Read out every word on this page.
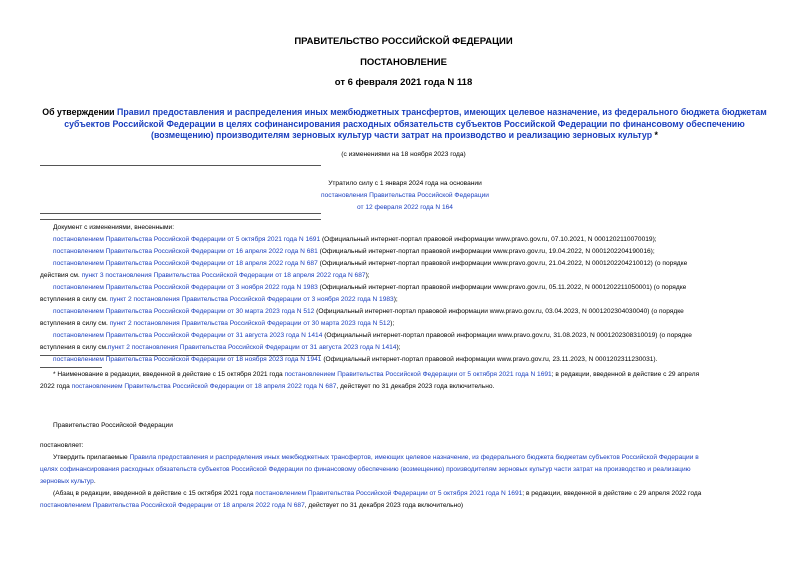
ПРАВИТЕЛЬСТВО РОССИЙСКОЙ ФЕДЕРАЦИИ
ПОСТАНОВЛЕНИЕ
от 6 февраля 2021 года N 118
Об утверждении Правил предоставления и распределения иных межбюджетных трансфертов, имеющих целевое назначение, из федерального бюджета бюджетам субъектов Российской Федерации в целях софинансирования расходных обязательств субъектов Российской Федерации по финансовому обеспечению (возмещению) производителям зерновых культур части затрат на производство и реализацию зерновых культур *
(с изменениями на 18 ноября 2023 года)
Утратило силу с 1 января 2024 года на основании
постановления Правительства Российской Федерации
от 12 февраля 2022 года N 164
Документ с изменениями, внесенными:
постановлением Правительства Российской Федерации от 5 октября 2021 года N 1691 (Официальный интернет-портал правовой информации www.pravo.gov.ru, 07.10.2021, N 0001202110070019);
постановлением Правительства Российской Федерации от 16 апреля 2022 года N 681 (Официальный интернет-портал правовой информации www.pravo.gov.ru, 19.04.2022, N 0001202204190016);
постановлением Правительства Российской Федерации от 18 апреля 2022 года N 687 (Официальный интернет-портал правовой информации www.pravo.gov.ru, 21.04.2022, N 0001202204210012) (о порядке
действия см. пункт 3 постановления Правительства Российской Федерации от 18 апреля 2022 года N 687);
постановлением Правительства Российской Федерации от 3 ноября 2022 года N 1983 (Официальный интернет-портал правовой информации www.pravo.gov.ru, 05.11.2022, N 0001202211050001) (о порядке
вступления в силу см. пункт 2 постановления Правительства Российской Федерации от 3 ноября 2022 года N 1983);
постановлением Правительства Российской Федерации от 30 марта 2023 года N 512 (Официальный интернет-портал правовой информации www.pravo.gov.ru, 03.04.2023, N 0001202304030040) (о порядке
вступления в силу см. пункт 2 постановления Правительства Российской Федерации от 30 марта 2023 года N 512);
постановлением Правительства Российской Федерации от 31 августа 2023 года N 1414 (Официальный интернет-портал правовой информации www.pravo.gov.ru, 31.08.2023, N 0001202308310019) (о порядке
вступления в силу см.пункт 2 постановления Правительства Российской Федерации от 31 августа 2023 года N 1414);
постановлением Правительства Российской Федерации от 18 ноября 2023 года N 1941 (Официальный интернет-портал правовой информации www.pravo.gov.ru, 23.11.2023, N 0001202311230031).
* Наименование в редакции, введенной в действие с 15 октября 2021 года постановлением Правительства Российской Федерации от 5 октября 2021 года N 1691; в редакции, введенной в действие с 29 апреля
2022 года постановлением Правительства Российской Федерации от 18 апреля 2022 года N 687, действует по 31 декабря 2023 года включительно.
Правительство Российской Федерации
постановляет:
Утвердить прилагаемые Правила предоставления и распределения иных межбюджетных трансфертов, имеющих целевое назначение, из федерального бюджета бюджетам субъектов Российской Федерации в
целях софинансирования расходных обязательств субъектов Российской Федерации по финансовому обеспечению (возмещению) производителям зерновых культур части затрат на производство и реализацию
зерновых культур.
(Абзац в редакции, введенной в действие с 15 октября 2021 года постановлением Правительства Российской Федерации от 5 октября 2021 года N 1691; в редакции, введенной в действие с 29 апреля 2022 года
постановлением Правительства Российской Федерации от 18 апреля 2022 года N 687, действует по 31 декабря 2023 года включительно)
